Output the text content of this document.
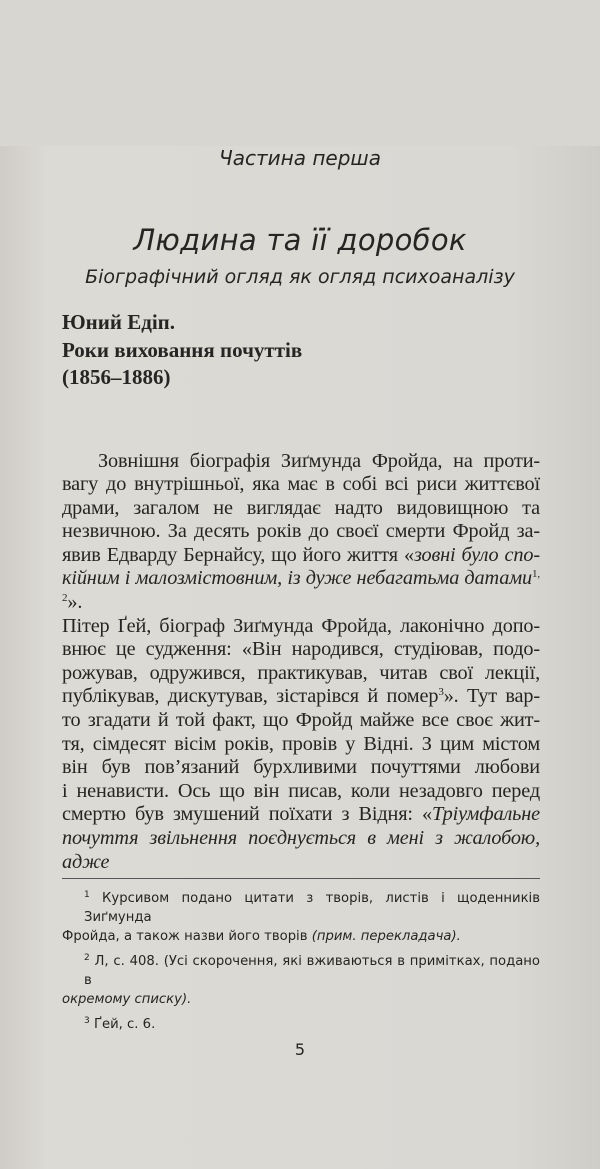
Частина перша
Людина та її доробок
Біографічний огляд як огляд психоаналізу
Юний Едіп.
Роки виховання почуттів
(1856–1886)
Зовнішня біографія Зиґмунда Фройда, на проти-
вагу до внутрішньої, яка має в собі всі риси життєвої
драми, загалом не виглядає надто видовищною та
незвичною. За десять років до своєї смерти Фройд за-
явив Едварду Бернайсу, що його життя «зовні було спо-
кійним і малозмістовним, із дуже небагатьма датами$^{1, 2}$».
Пітер Ґей, біограф Зиґмунда Фройда, лаконічно допо-
внює це судження: «Він народився, студіював, подо-
рожував, одружився, практикував, читав свої лекції,
публікував, дискутував, зістарівся й помер$^3$». Тут вар-
то згадати й той факт, що Фройд майже все своє жит-
тя, сімдесят вісім років, провів у Відні. З цим містом
він був пов’язаний бурхливими почуттями любови
і ненависти. Ось що він писав, коли незадовго перед
смертю був змушений поїхати з Відня: «Тріумфальне
почуття звільнення поєднується в мені з жалобою, адже
$^1$ Курсивом подано цитати з творів, листів і щоденників Зиґмунда
Фройда, а також назви його творів (прим. перекладача).
$^2$ Л, с. 408. (Усі скорочення, які вживаються в примітках, подано в
окремому списку).
$^3$ Ґей, с. 6.
5
